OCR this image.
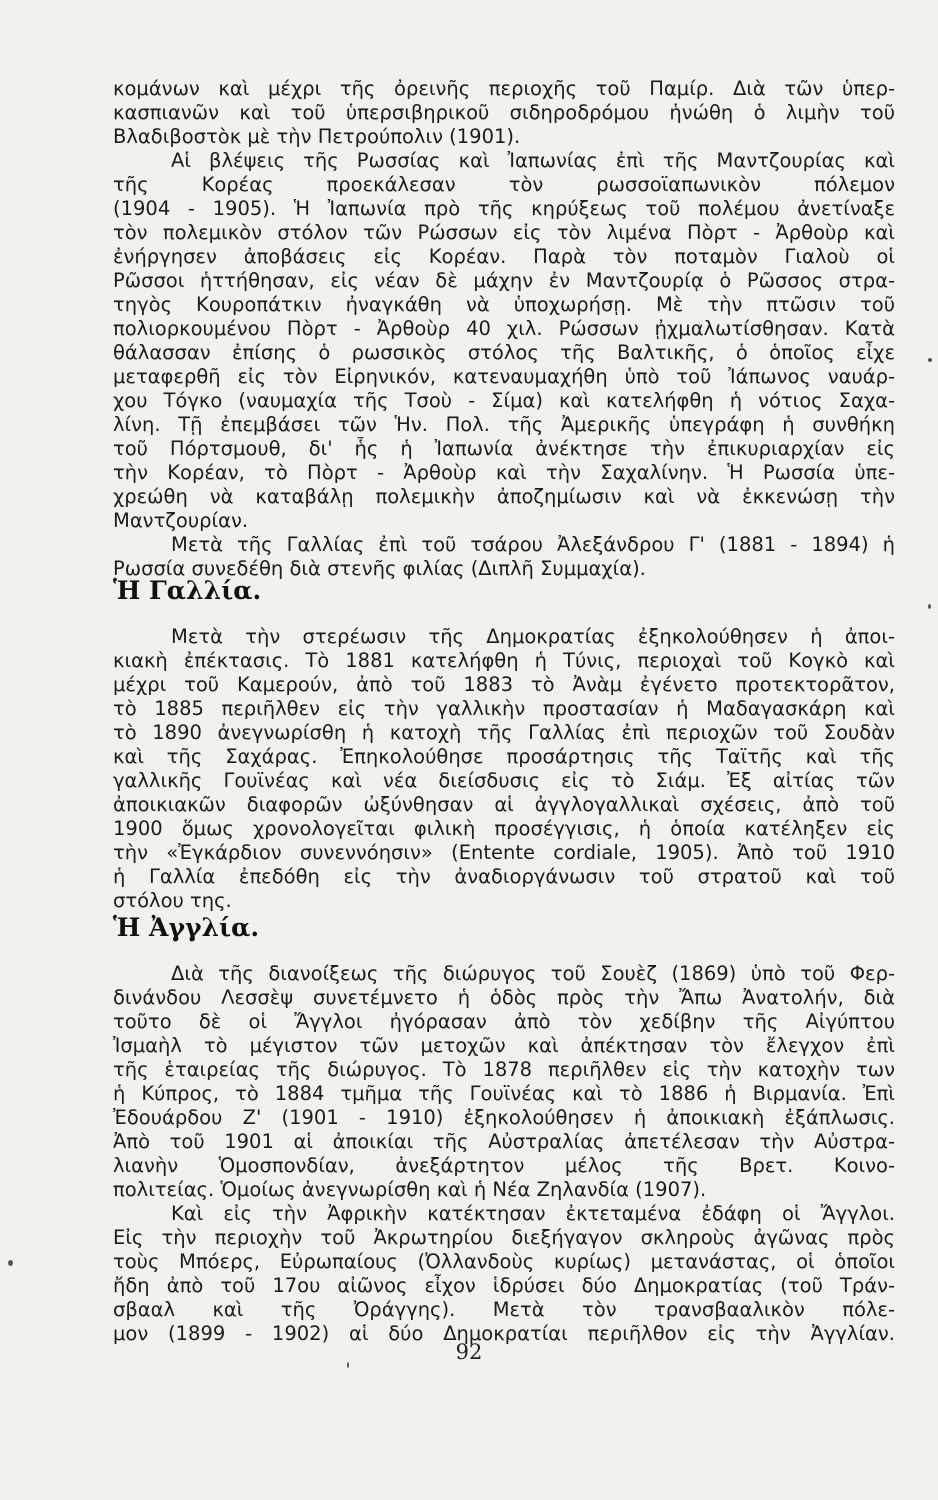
κομάνων καὶ μέχρι τῆς ὀρεινῆς περιοχῆς τοῦ Παμίρ. Διὰ τῶν ὑπερ-
κασπιανῶν καὶ τοῦ ὑπερσιβηρικοῦ σιδηροδρόμου ἡνώθη ὁ λιμὴν τοῦ
Βλαδιβοστὸκ μὲ τὴν Πετρούπολιν (1901).
Αἱ βλέψεις τῆς Ρωσσίας καὶ Ἰαπωνίας ἐπὶ τῆς Μαντζουρίας καὶ
τῆς Κορέας προεκάλεσαν τὸν ρωσσοϊαπωνικὸν πόλεμον
(1904 - 1905). Ἡ Ἰαπωνία πρὸ τῆς κηρύξεως τοῦ πολέμου ἀνετίναξε
τὸν πολεμικὸν στόλον τῶν Ρώσσων εἰς τὸν λιμένα Πὸρτ - Ἀρθοὺρ καὶ
ἐνήργησεν ἀποβάσεις εἰς Κορέαν. Παρὰ τὸν ποταμὸν Γιαλοὺ οἱ
Ρῶσσοι ἡττήθησαν, εἰς νέαν δὲ μάχην ἐν Μαντζουρίᾳ ὁ Ρῶσσος στρα-
τηγὸς Κουροπάτκιν ἠναγκάθη νὰ ὑποχωρήσῃ. Μὲ τὴν πτῶσιν τοῦ
πολιορκουμένου Πὸρτ - Ἀρθοὺρ 40 χιλ. Ρώσσων ᾐχμαλωτίσθησαν. Κατὰ
θάλασσαν ἐπίσης ὁ ρωσσικὸς στόλος τῆς Βαλτικῆς, ὁ ὁποῖος εἶχε
μεταφερθῆ εἰς τὸν Εἰρηνικόν, κατεναυμαχήθη ὑπὸ τοῦ Ἰάπωνος ναυάρ-
χου Τόγκο (ναυμαχία τῆς Τσοὺ - Σίμα) καὶ κατελήφθη ἡ νότιος Σαχα-
λίνη. Τῇ ἐπεμβάσει τῶν Ἡν. Πολ. τῆς Ἀμερικῆς ὑπεγράφη ἡ συνθήκη
τοῦ Πόρτσμουθ, δι' ἧς ἡ Ἰαπωνία ἀνέκτησε τὴν ἐπικυριαρχίαν εἰς
τὴν Κορέαν, τὸ Πὸρτ - Ἀρθοὺρ καὶ τὴν Σαχαλίνην. Ἡ Ρωσσία ὑπε-
χρεώθη νὰ καταβάλῃ πολεμικὴν ἀποζημίωσιν καὶ νὰ ἐκκενώσῃ τὴν
Μαντζουρίαν.
Μετὰ τῆς Γαλλίας ἐπὶ τοῦ τσάρου Ἀλεξάνδρου Γ' (1881 - 1894) ἡ
Ρωσσία συνεδέθη διὰ στενῆς φιλίας (Διπλῆ Συμμαχία).
Ἡ Γαλλία.
Μετὰ τὴν στερέωσιν τῆς Δημοκρατίας ἐξηκολούθησεν ἡ ἀποι-
κιακὴ ἐπέκτασις. Τὸ 1881 κατελήφθη ἡ Τύνις, περιοχαὶ τοῦ Κογκὸ καὶ
μέχρι τοῦ Καμερούν, ἀπὸ τοῦ 1883 τὸ Ἀνὰμ ἐγένετο προτεκτορᾶτον,
τὸ 1885 περιῆλθεν εἰς τὴν γαλλικὴν προστασίαν ἡ Μαδαγασκάρη καὶ
τὸ 1890 ἀνεγνωρίσθη ἡ κατοχὴ τῆς Γαλλίας ἐπὶ περιοχῶν τοῦ Σουδὰν
καὶ τῆς Σαχάρας. Ἐπηκολούθησε προσάρτησις τῆς Ταϊτῆς καὶ τῆς
γαλλικῆς Γουϊνέας καὶ νέα διείσδυσις εἰς τὸ Σιάμ. Ἐξ αἰτίας τῶν
ἀποικιακῶν διαφορῶν ὠξύνθησαν αἱ ἀγγλογαλλικαὶ σχέσεις, ἀπὸ τοῦ
1900 ὅμως χρονολογεῖται φιλικὴ προσέγγισις, ἡ ὁποία κατέληξεν εἰς
τὴν «Ἐγκάρδιον συνεννόησιν» (Entente cordiale, 1905). Ἀπὸ τοῦ 1910
ἡ Γαλλία ἐπεδόθη εἰς τὴν ἀναδιοργάνωσιν τοῦ στρατοῦ καὶ τοῦ
στόλου της.
Ἡ Ἀγγλία.
Διὰ τῆς διανοίξεως τῆς διώρυγος τοῦ Σουὲζ (1869) ὑπὸ τοῦ Φερ-
δινάνδου Λεσσὲψ συνετέμνετο ἡ ὁδὸς πρὸς τὴν Ἄπω Ἀνατολήν, διὰ
τοῦτο δὲ οἱ Ἄγγλοι ἠγόρασαν ἀπὸ τὸν χεδίβην τῆς Αἰγύπτου
Ἰσμαὴλ τὸ μέγιστον τῶν μετοχῶν καὶ ἀπέκτησαν τὸν ἔλεγχον ἐπὶ
τῆς ἑταιρείας τῆς διώρυγος. Τὸ 1878 περιῆλθεν εἰς τὴν κατοχὴν των
ἡ Κύπρος, τὸ 1884 τμῆμα τῆς Γουϊνέας καὶ τὸ 1886 ἡ Βιρμανία. Ἐπὶ
Ἐδουάρδου Ζ' (1901 - 1910) ἐξηκολούθησεν ἡ ἀποικιακὴ ἐξάπλωσις.
Ἀπὸ τοῦ 1901 αἱ ἀποικίαι τῆς Αὐστραλίας ἀπετέλεσαν τὴν Αὐστρα-
λιανὴν Ὁμοσπονδίαν, ἀνεξάρτητον μέλος τῆς Βρετ. Κοινο-
πολιτείας. Ὁμοίως ἀνεγνωρίσθη καὶ ἡ Νέα Ζηλανδία (1907).
Καὶ εἰς τὴν Ἀφρικὴν κατέκτησαν ἐκτεταμένα ἐδάφη οἱ Ἄγγλοι.
Εἰς τὴν περιοχὴν τοῦ Ἀκρωτηρίου διεξήγαγον σκληροὺς ἀγῶνας πρὸς
τοὺς Μπόερς, Εὐρωπαίους (Ὀλλανδοὺς κυρίως) μετανάστας, οἱ ὁποῖοι
ἤδη ἀπὸ τοῦ 17ου αἰῶνος εἶχον ἱδρύσει δύο Δημοκρατίας (τοῦ Τράν-
σβααλ καὶ τῆς Ὀράγγης). Μετὰ τὸν τρανσβααλικὸν πόλε-
μον (1899 - 1902) αἱ δύο Δημοκρατίαι περιῆλθον εἰς τὴν Ἀγγλίαν.
92
